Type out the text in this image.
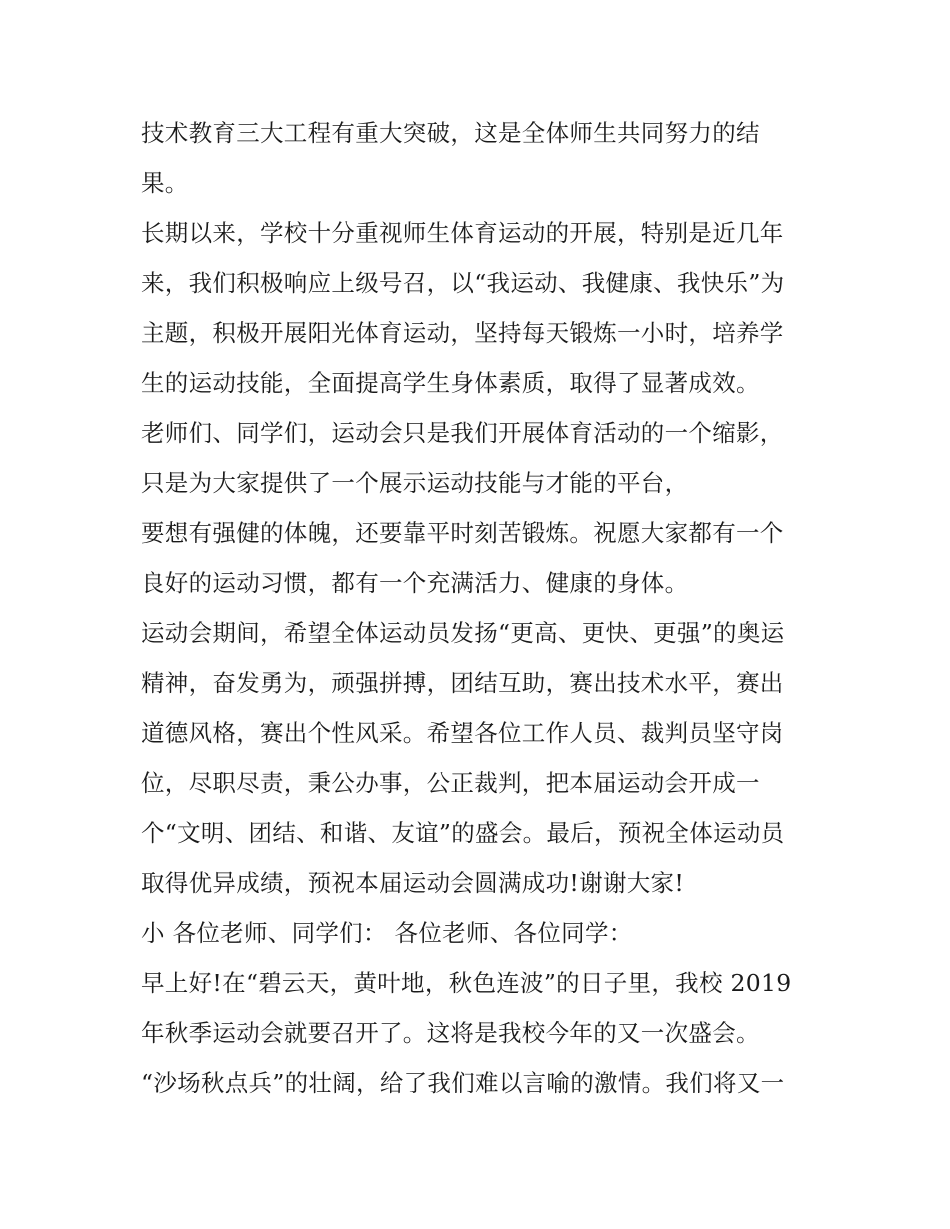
技术教育三大工程有重大突破，这是全体师生共同努力的结
果。
长期以来，学校十分重视师生体育运动的开展，特别是近几年
来，我们积极响应上级号召，以“我运动、我健康、我快乐”为
主题，积极开展阳光体育运动，坚持每天锻炼一小时，培养学
生的运动技能，全面提高学生身体素质，取得了显著成效。
老师们、同学们，运动会只是我们开展体育活动的一个缩影，
只是为大家提供了一个展示运动技能与才能的平台，
要想有强健的体魄，还要靠平时刻苦锻炼。祝愿大家都有一个
良好的运动习惯，都有一个充满活力、健康的身体。
运动会期间，希望全体运动员发扬“更高、更快、更强”的奥运
精神，奋发勇为，顽强拼搏，团结互助，赛出技术水平，赛出
道德风格，赛出个性风采。希望各位工作人员、裁判员坚守岗
位，尽职尽责，秉公办事，公正裁判，把本届运动会开成一
个“文明、团结、和谐、友谊”的盛会。最后，预祝全体运动员
取得优异成绩，预祝本届运动会圆满成功!谢谢大家!
小 各位老师、同学们： 各位老师、各位同学：
早上好!在“碧云天，黄叶地，秋色连波”的日子里，我校 2019
年秋季运动会就要召开了。这将是我校今年的又一次盛会。
“沙场秋点兵”的壮阔，给了我们难以言喻的激情。我们将又一
